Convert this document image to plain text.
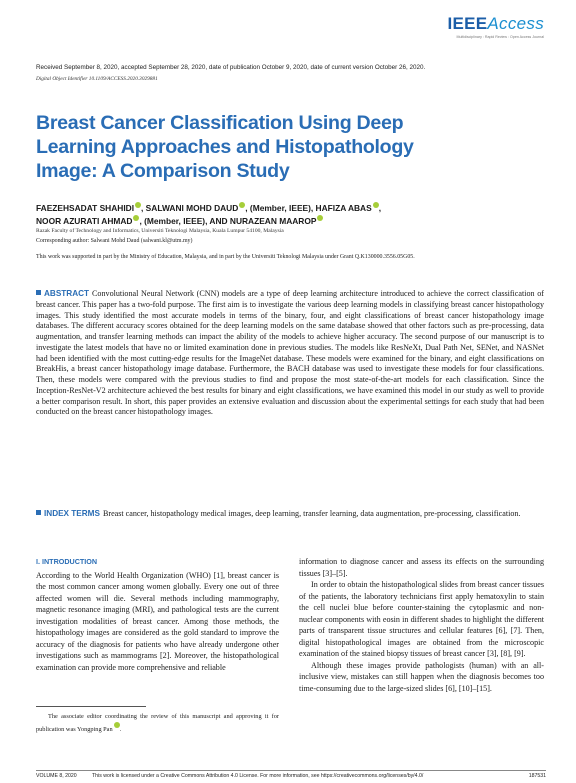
IEEEAccess
Multidisciplinary : Rapid Review : Open Access Journal
Received September 8, 2020, accepted September 28, 2020, date of publication October 9, 2020, date of current version October 26, 2020.
Digital Object Identifier 10.1109/ACCESS.2020.3029881
Breast Cancer Classification Using Deep
Learning Approaches and Histopathology
Image: A Comparison Study
FAEZEHSADAT SHAHIDI , SALWANI MOHD DAUD , (Member, IEEE), HAFIZA ABAS ,
NOOR AZURATI AHMAD , (Member, IEEE), AND NURAZEAN MAAROP
Razak Faculty of Technology and Informatics, Universiti Teknologi Malaysia, Kuala Lumpur 54100, Malaysia
Corresponding author: Salwani Mohd Daud (salwani.kl@utm.my)
This work was supported in part by the Ministry of Education, Malaysia, and in part by the Universiti Teknologi Malaysia under Grant Q.K130000.3556.05G05.
ABSTRACT Convolutional Neural Network (CNN) models are a type of deep learning architecture introduced to achieve the correct classification of breast cancer. This paper has a two-fold purpose. The first aim is to investigate the various deep learning models in classifying breast cancer histopathology images. This study identified the most accurate models in terms of the binary, four, and eight classifications of breast cancer histopathology image databases. The different accuracy scores obtained for the deep learning models on the same database showed that other factors such as pre-processing, data augmentation, and transfer learning methods can impact the ability of the models to achieve higher accuracy. The second purpose of our manuscript is to investigate the latest models that have no or limited examination done in previous studies. The models like ResNeXt, Dual Path Net, SENet, and NASNet had been identified with the most cutting-edge results for the ImageNet database. These models were examined for the binary, and eight classifications on BreakHis, a breast cancer histopathology image database. Furthermore, the BACH database was used to investigate these models for four classifications. Then, these models were compared with the previous studies to find and propose the most state-of-the-art models for each classification. Since the Inception-ResNet-V2 architecture achieved the best results for binary and eight classifications, we have examined this model in our study as well to provide a better comparison result. In short, this paper provides an extensive evaluation and discussion about the experimental settings for each study that had been conducted on the breast cancer histopathology images.
INDEX TERMS Breast cancer, histopathology medical images, deep learning, transfer learning, data augmentation, pre-processing, classification.
I. INTRODUCTION

According to the World Health Organization (WHO) [1], breast cancer is the most common cancer among women globally. Every one out of three affected women will die. Several methods including mammography, magnetic resonance imaging (MRI), and pathological tests are the current investigation modalities of breast cancer. Among those methods, the histopathology images are considered as the gold standard to improve the accuracy of the diagnosis for patients who have already undergone other investigations such as mammograms [2]. Moreover, the histopathological examination can provide more comprehensive and reliable

information to diagnose cancer and assess its effects on the surrounding tissues [3]–[5].

In order to obtain the histopathological slides from breast cancer tissues of the patients, the laboratory technicians first apply hematoxylin to stain the cell nuclei blue before counter-staining the cytoplasmic and non-nuclear components with eosin in different shades to highlight the different parts of transparent tissue structures and cellular features [6], [7]. Then, digital histopathological images are obtained from the microscopic examination of the stained biopsy tissues of breast cancer [3], [8], [9].

Although these images provide pathologists (human) with an all-inclusive view, mistakes can still happen when the diagnosis becomes too time-consuming due to the large-sized slides [6], [10]–[15].

The associate editor coordinating the review of this manuscript and approving it for publication was Yongping Pan .
VOLUME 8, 2020	This work is licensed under a Creative Commons Attribution 4.0 License. For more information, see https://creativecommons.org/licenses/by/4.0/	187531
